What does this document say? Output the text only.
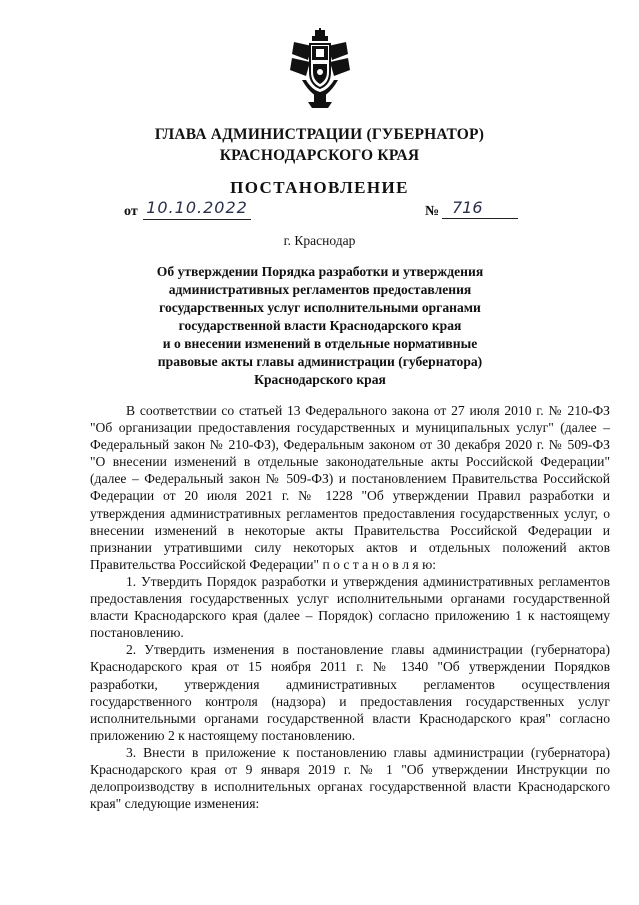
ГЛАВА АДМИНИСТРАЦИИ (ГУБЕРНАТОР)
КРАСНОДАРСКОГО КРАЯ
ПОСТАНОВЛЕНИЕ
от 10.10.2022	№ 716
г. Краснодар
Об утверждении Порядка разработки и утверждения
административных регламентов предоставления
государственных услуг исполнительными органами
государственной власти Краснодарского края
и о внесении изменений в отдельные нормативные
правовые акты главы администрации (губернатора)
Краснодарского края
В соответствии со статьей 13 Федерального закона от 27 июля 2010 г. № 210-ФЗ "Об организации предоставления государственных и муниципальных услуг" (далее – Федеральный закон № 210-ФЗ), Федеральным законом от 30 декабря 2020 г. № 509-ФЗ "О внесении изменений в отдельные законодательные акты Российской Федерации" (далее – Федеральный закон № 509-ФЗ) и постановлением Правительства Российской Федерации от 20 июля 2021 г. № 1228 "Об утверждении Правил разработки и утверждения административных регламентов предоставления государственных услуг, о внесении изменений в некоторые акты Правительства Российской Федерации и признании утратившими силу некоторых актов и отдельных положений актов Правительства Российской Федерации" п о с т а н о в л я ю:
1. Утвердить Порядок разработки и утверждения административных регламентов предоставления государственных услуг исполнительными органами государственной власти Краснодарского края (далее – Порядок) согласно приложению 1 к настоящему постановлению.
2. Утвердить изменения в постановление главы администрации (губернатора) Краснодарского края от 15 ноября 2011 г. № 1340 "Об утверждении Порядков разработки, утверждения административных регламентов осуществления государственного контроля (надзора) и предоставления государственных услуг исполнительными органами государственной власти Краснодарского края" согласно приложению 2 к настоящему постановлению.
3. Внести в приложение к постановлению главы администрации (губернатора) Краснодарского края от 9 января 2019 г. № 1 "Об утверждении Инструкции по делопроизводству в исполнительных органах государственной власти Краснодарского края" следующие изменения:
